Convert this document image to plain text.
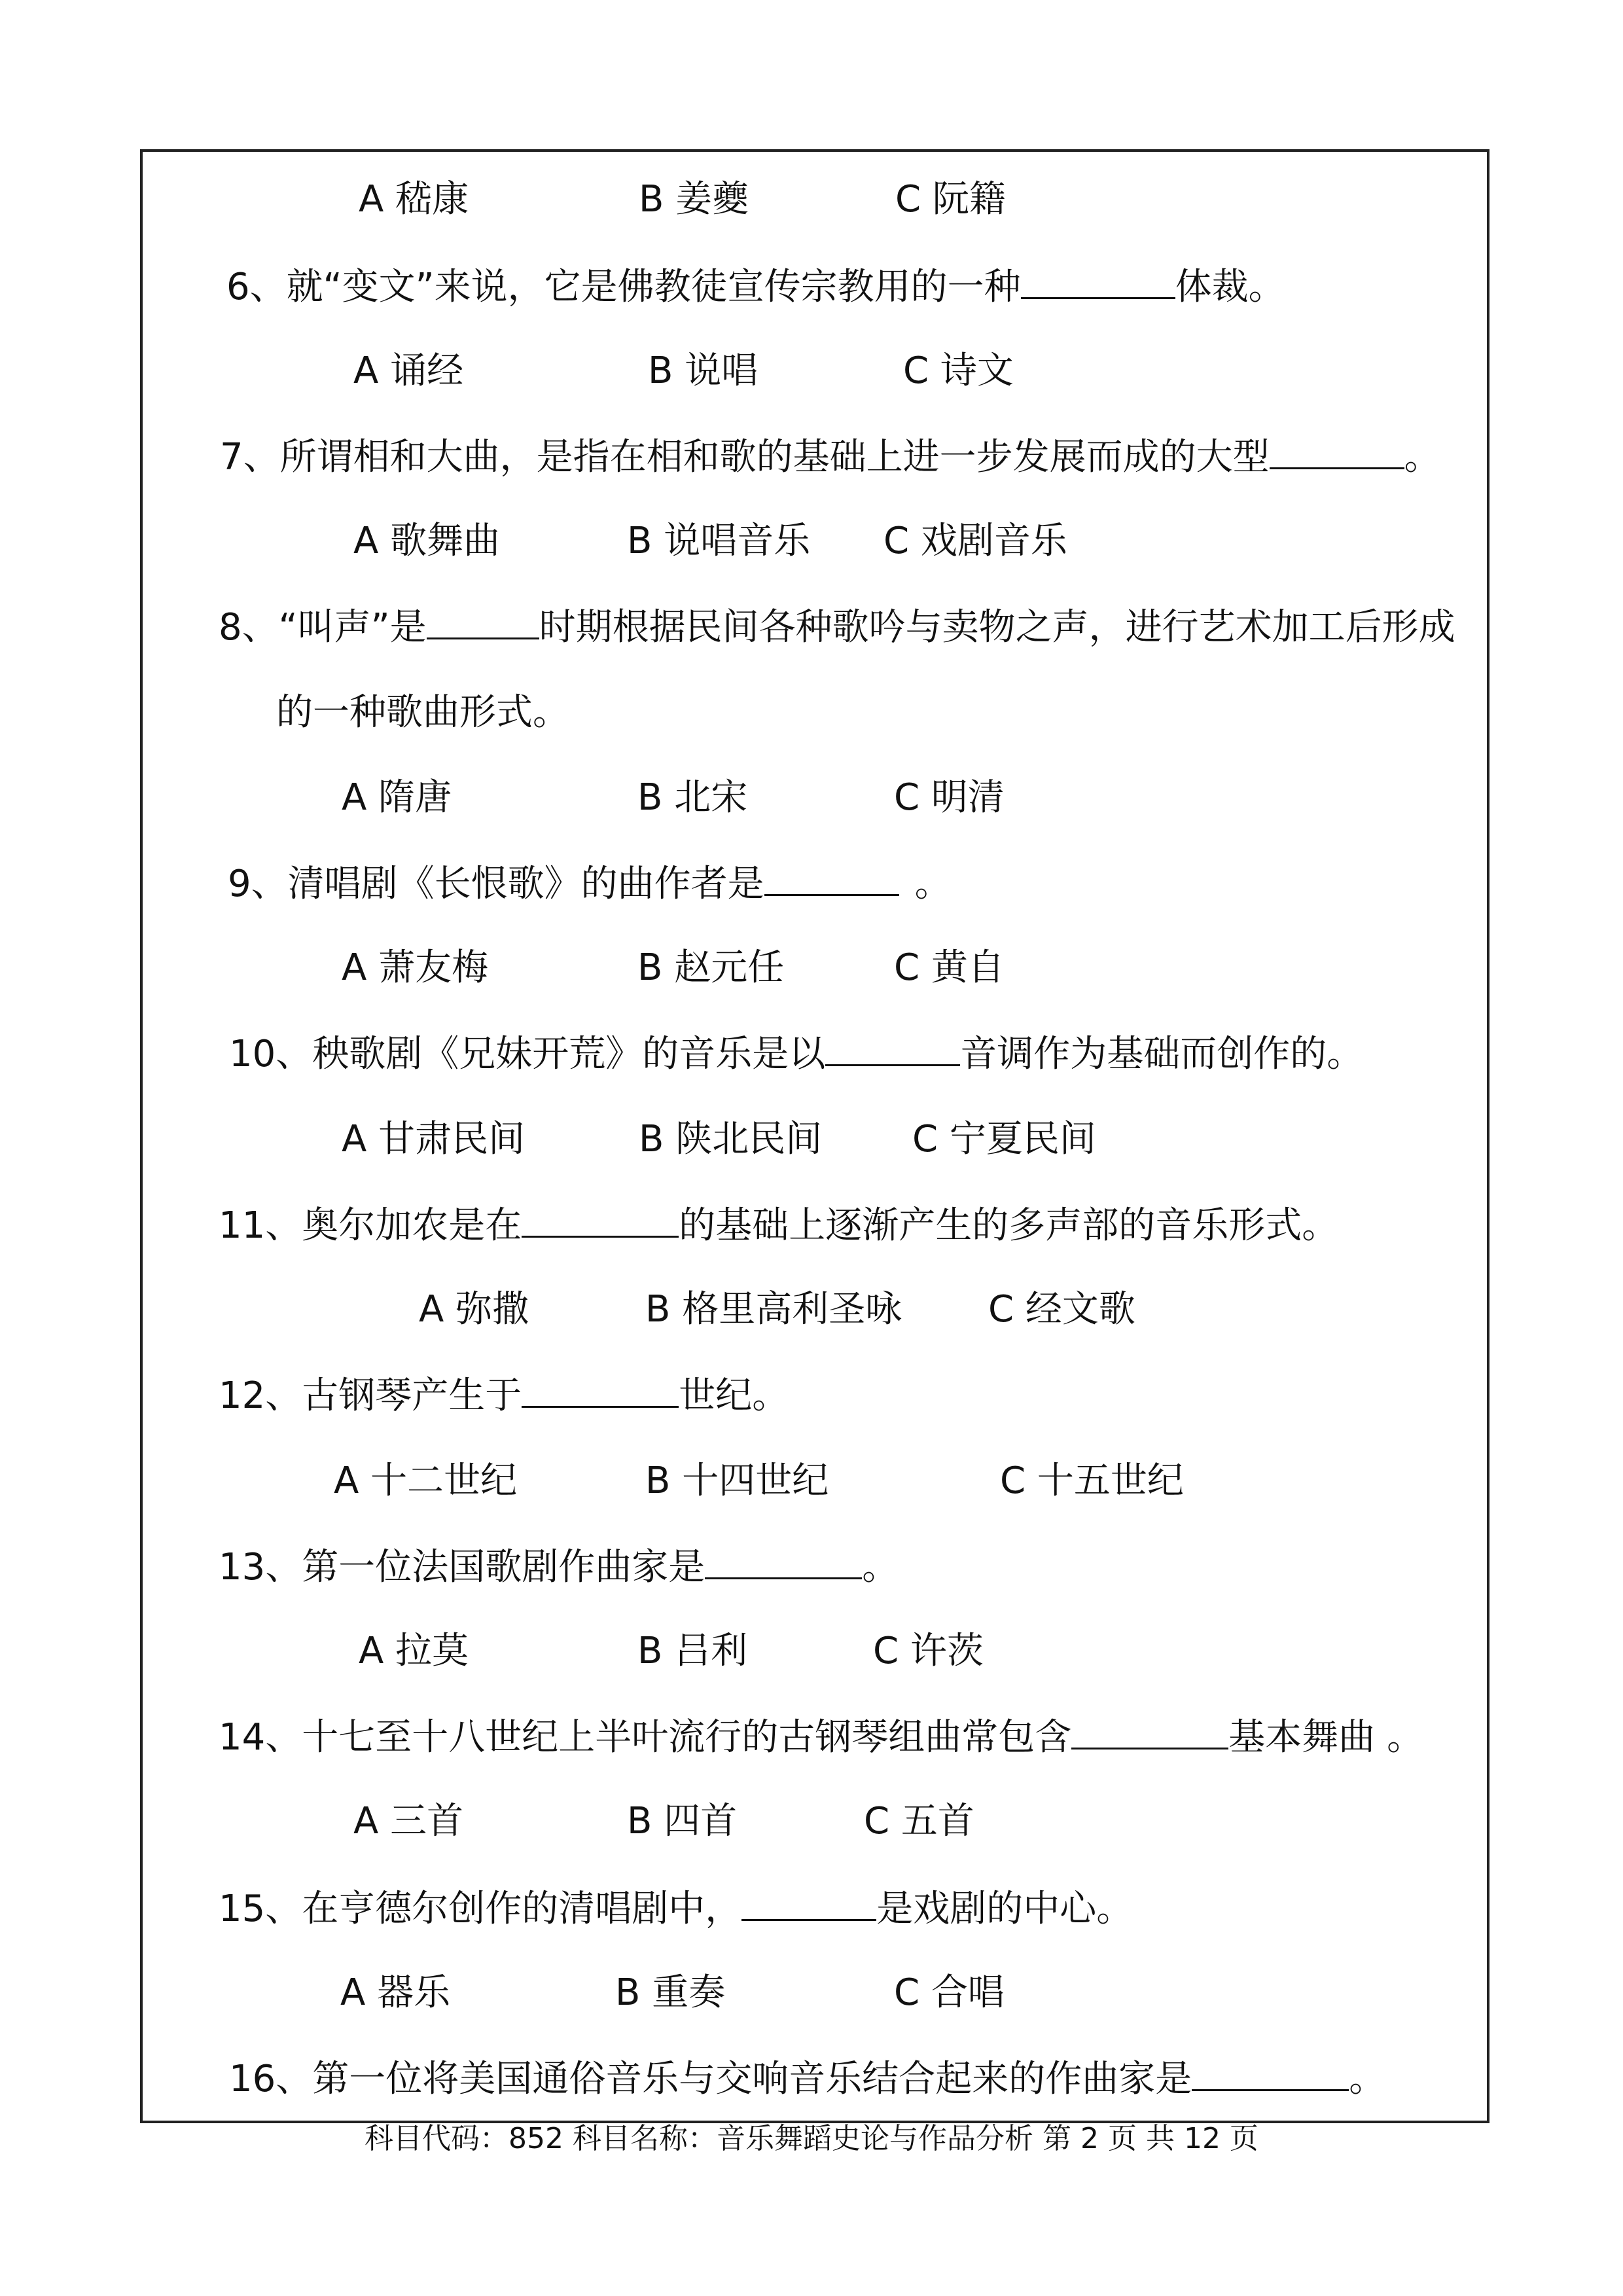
A 嵇康	B 姜夔	C 阮籍
6、就“变文”来说，它是佛教徒宣传宗教用的一种	体裁。
A 诵经	B 说唱	C 诗文
7、所谓相和大曲，是指在相和歌的基础上进一步发展而成的大型	。
A 歌舞曲	B 说唱音乐 C 戏剧音乐
8、“叫声”是	时期根据民间各种歌吟与卖物之声，进行艺术加工后形成
的一种歌曲形式。
A 隋唐	B 北宋	C 明清
9、清唱剧《长恨歌》的曲作者是	。
A 萧友梅	B 赵元任	C 黄自
10、秧歌剧《兄妹开荒》的音乐是以	音调作为基础而创作的。
A 甘肃民间	B 陕北民间 C 宁夏民间
11、奥尔加农是在	的基础上逐渐产生的多声部的音乐形式。
A 弥撒	B 格里高利圣咏 C 经文歌
12、古钢琴产生于	世纪。
A 十二世纪	B 十四世纪	C 十五世纪
13、第一位法国歌剧作曲家是	。
A 拉莫	B 吕利	C 许茨
14、十七至十八世纪上半叶流行的古钢琴组曲常包含	基本舞曲 。
A 三首	B 四首	C 五首
15、在亨德尔创作的清唱剧中，	是戏剧的中心。
A 器乐	B 重奏	C 合唱
16、第一位将美国通俗音乐与交响音乐结合起来的作曲家是	。
科目代码：852 科目名称：音乐舞蹈史论与作品分析 第 2 页 共 12 页
